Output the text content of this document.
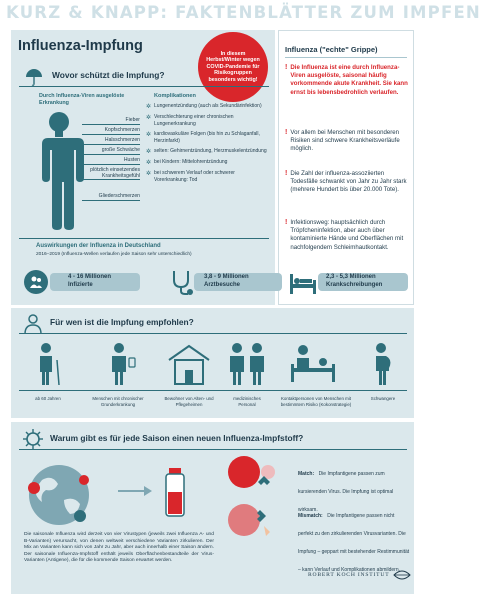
KURZ & KNAPP: FAKTENBLÄTTER ZUM IMPFEN
Influenza-Impfung	In diesem Herbst/Winter wegen COVID-Pandemie für Risikogruppen besonders wichtig!
Influenza ("echte" Grippe)
! Die Influenza ist eine durch Influenza-Viren ausgelöste, saisonal häufig vorkommende akute Krankheit. Sie kann ernst bis lebensbedrohlich verlaufen.
! Vor allem bei Menschen mit besonderen Risiken sind schwere Krankheitsverläufe möglich.
! Die Zahl der influenza-assoziierten Todesfälle schwankt von Jahr zu Jahr stark (mehrere Hundert bis über 20.000 Tote).
! Infektionsweg: hauptsächlich durch Tröpfcheninfektion, aber auch über kontaminierte Hände und Oberflächen mit nachfolgendem Schleimhautkontakt.
Wovor schützt die Impfung?
Durch Influenza-Viren ausgelöste Erkrankung
Komplikationen
Fieber
Kopfschmerzen
Halsschmerzen
große Schwäche
Husten
plötzlich einsetzendes Krankheitsgefühl
Gliederschmerzen
✲ Lungenentzündung (auch als Sekundärinfektion)
✲ Verschlechterung einer chronischen Lungenerkrankung
✲ kardiovaskuläre Folgen (bis hin zu Schlaganfall, Herzinfarkt)
✲ selten: Gehirnentzündung, Herzmuskelentzündung
✲ bei Kindern: Mittelohrentzündung
✲ bei schwerem Verlauf oder schwerer Vorerkrankung: Tod
Auswirkungen der Influenza in Deutschland
2016–2019 (Influenza-Wellen verlaufen jede Saison sehr unterschiedlich)
4 - 16 Millionen
Infizierte
3,8 - 9 Millionen
Arztbesuche
2,3 - 5,3 Millionen
Krankschreibungen
Für wen ist die Impfung empfohlen?
ab 60 Jahren	Menschen mit chronischer Grunderkrankung
Bewohner von Alten- und Pflegeheimen
medizinisches Personal
Kontaktpersonen von Menschen mit bestimmtem Risiko (Kokonstrategie)
Schwangere
Warum gibt es für jede Saison einen neuen Influenza-Impfstoff?
Match: Die Impfantigene passen zum kursierenden Virus. Die Impfung ist optimal wirksam.
Mismatch: Die Impfantigene passen nicht perfekt zu den zirkulierenden Virusvarianten. Die Impfung – geppart mit bestehender Restimmunität – kann Verlauf und Komplikationen abmildern.
Die saisonale Influenza wird derzeit von vier Virustypen (jeweils zwei Influenza A- und B-Varianten) verursacht, von denen weltweit verschiedene Varianten zirkulieren. Der Mix an Varianten kann sich von Jahr zu Jahr, aber auch innerhalb einer Saison ändern. Der saisonale Influenza-Impfstoff enthält jeweils Oberflächenbestandteile der Virus-Varianten (Antigene), die für die kommende Saison erwartet werden.
ROBERT KOCH INSTITUT
